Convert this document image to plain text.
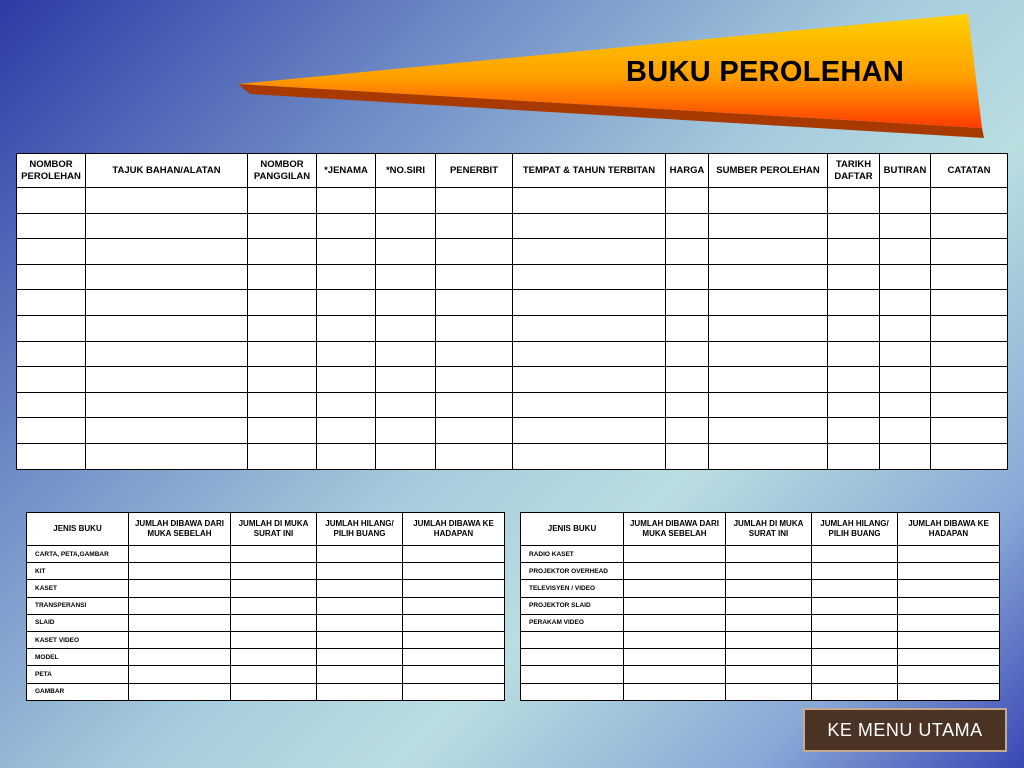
BUKU PEROLEHAN
NOMBOR PEROLEHAN	TAJUK BAHAN/ALATAN	NOMBOR PANGGILAN	*JENAMA	*NO.SIRI	PENERBIT	TEMPAT & TAHUN TERBITAN	HARGA	SUMBER PEROLEHAN	TARIKH DAFTAR	BUTIRAN	CATATAN

JENIS BUKU	JUMLAH DIBAWA DARI MUKA SEBELAH	JUMLAH DI MUKA SURAT INI	JUMLAH HILANG/ PILIH BUANG	JUMLAH DIBAWA KE HADAPAN
CARTA, PETA,GAMBAR				
KIT				
KASET				
TRANSPERANSI				
SLAID				
KASET VIDEO				
MODEL				
PETA				
GAMBAR				
JENIS BUKU	JUMLAH DIBAWA DARI MUKA SEBELAH	JUMLAH DI MUKA SURAT INI	JUMLAH HILANG/ PILIH BUANG	JUMLAH DIBAWA KE HADAPAN
RADIO KASET				
PROJEKTOR OVERHEAD				
TELEVISYEN / VIDEO				
PROJEKTOR SLAID				
PERAKAM VIDEO				

KE MENU UTAMA
